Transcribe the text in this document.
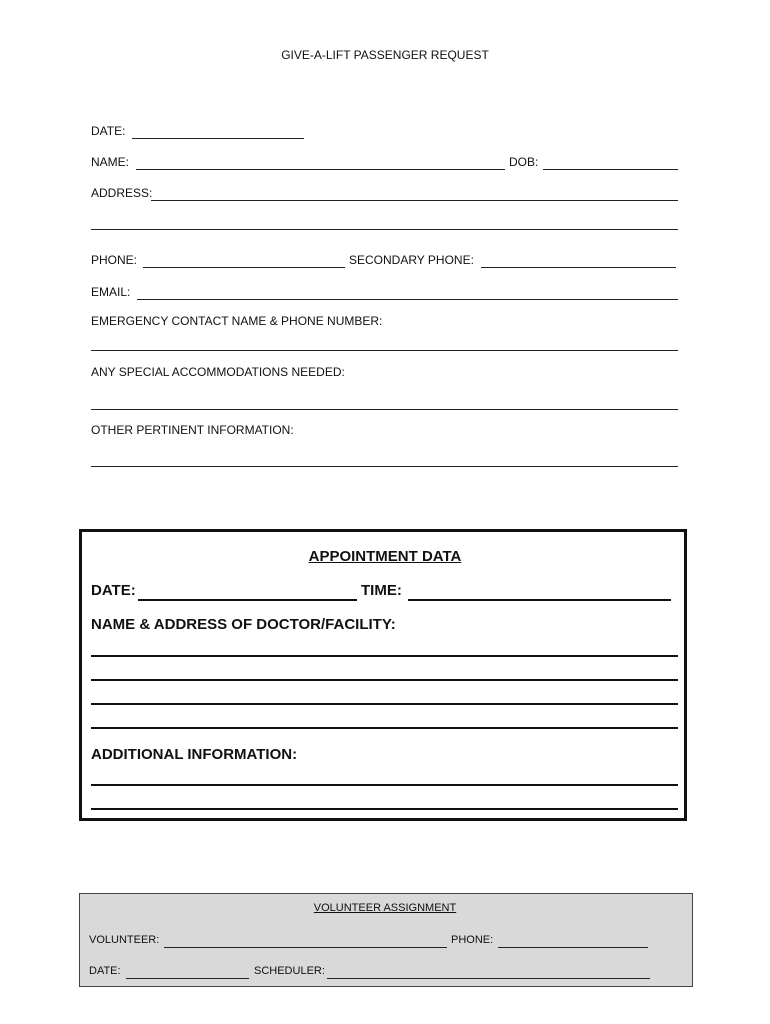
GIVE-A-LIFT PASSENGER REQUEST
DATE:
NAME:	DOB:
ADDRESS:
PHONE:	SECONDARY PHONE:
EMAIL:
EMERGENCY CONTACT NAME & PHONE NUMBER:
ANY SPECIAL ACCOMMODATIONS NEEDED:
OTHER PERTINENT INFORMATION:
APPOINTMENT DATA
DATE:	TIME:
NAME & ADDRESS OF DOCTOR/FACILITY:
ADDITIONAL INFORMATION:
VOLUNTEER ASSIGNMENT
VOLUNTEER:	PHONE:
DATE:	SCHEDULER:
